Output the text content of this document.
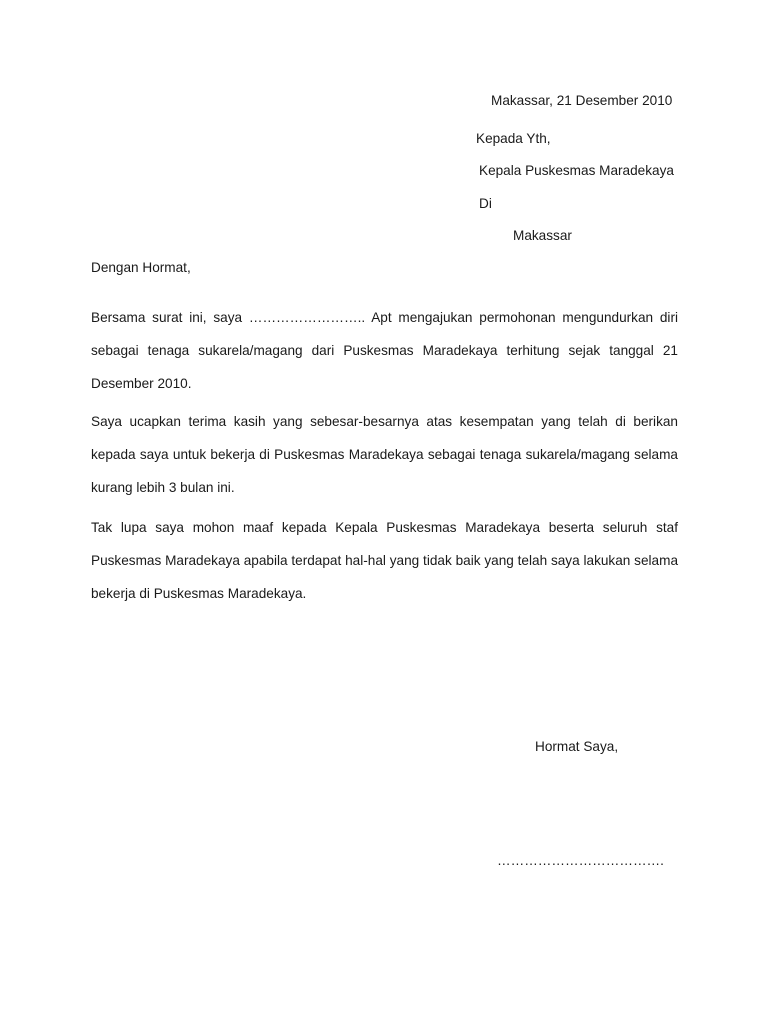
Makassar, 21 Desember 2010
Kepada Yth,
Kepala Puskesmas Maradekaya
Di
Makassar
Dengan Hormat,

Bersama surat ini, saya …………………….. Apt mengajukan permohonan mengundurkan diri sebagai tenaga sukarela/magang dari Puskesmas Maradekaya terhitung sejak tanggal 21 Desember 2010.

Saya ucapkan terima kasih yang sebesar-besarnya atas kesempatan yang telah di berikan kepada saya untuk bekerja di Puskesmas Maradekaya sebagai tenaga sukarela/magang selama kurang lebih 3 bulan ini.

Tak lupa saya mohon maaf kepada Kepala Puskesmas Maradekaya beserta seluruh staf Puskesmas Maradekaya apabila terdapat hal-hal yang tidak baik yang telah saya lakukan selama bekerja di Puskesmas Maradekaya.

Hormat Saya,
……………………………….
